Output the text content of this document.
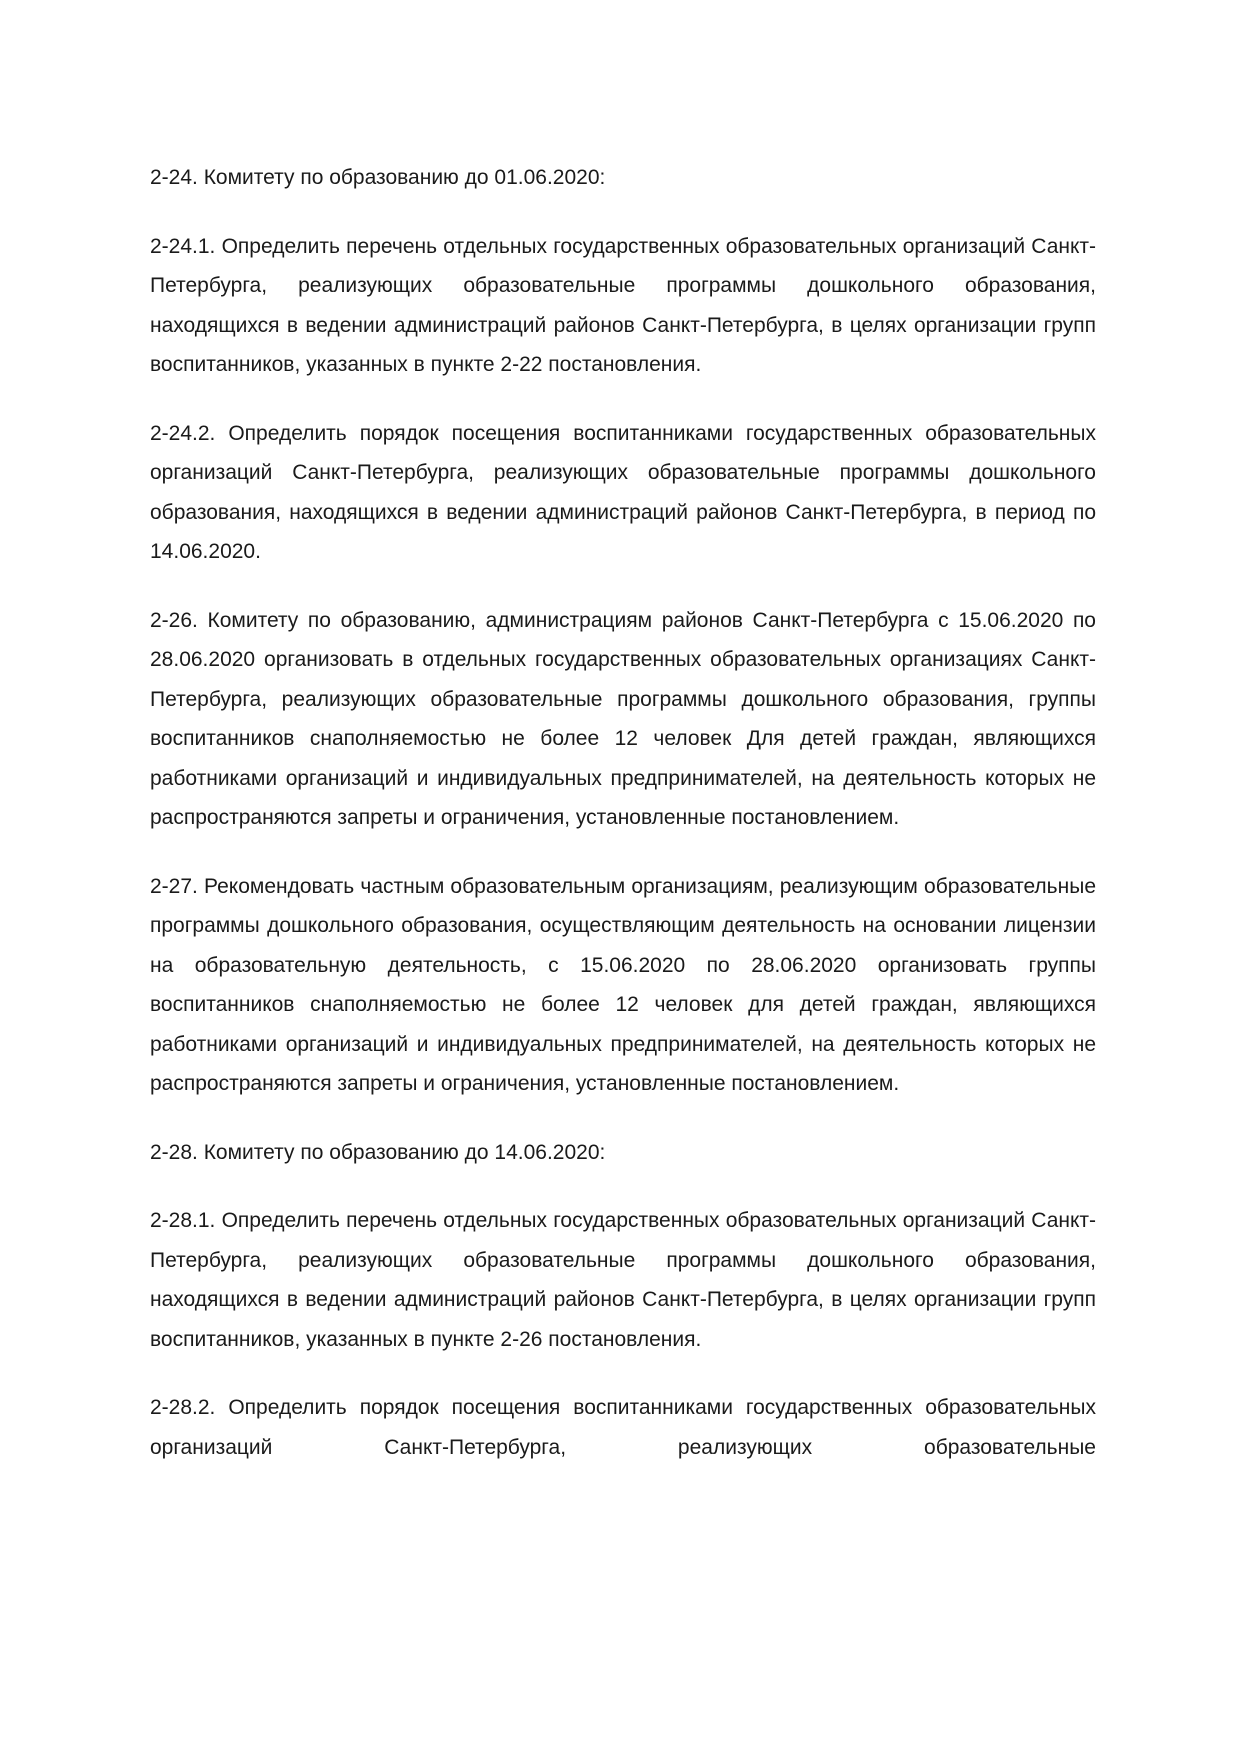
2-24. Комитету по образованию до 01.06.2020:

2-24.1. Определить перечень отдельных государственных образовательных организаций Санкт-Петербурга, реализующих образовательные программы дошкольного образования, находящихся в ведении администраций районов Санкт-Петербурга, в целях организации групп воспитанников, указанных в пункте 2-22 постановления.

2-24.2. Определить порядок посещения воспитанниками государственных образовательных организаций Санкт-Петербурга, реализующих образовательные программы дошкольного образования, находящихся в ведении администраций районов Санкт-Петербурга, в период по 14.06.2020.

2-26. Комитету по образованию, администрациям районов Санкт-Петербурга с 15.06.2020 по 28.06.2020 организовать в отдельных государственных образовательных организациях Санкт-Петербурга, реализующих образовательные программы дошкольного образования, группы воспитанников снаполняемостью не более 12 человек Для детей граждан, являющихся работниками организаций и индивидуальных предпринимателей, на деятельность которых не распространяются запреты и ограничения, установленные постановлением.

2-27. Рекомендовать частным образовательным организациям, реализующим образовательные программы дошкольного образования, осуществляющим деятельность на основании лицензии на образовательную деятельность, с 15.06.2020 по 28.06.2020 организовать группы воспитанников снаполняемостью не более 12 человек для детей граждан, являющихся работниками организаций и индивидуальных предпринимателей, на деятельность которых не распространяются запреты и ограничения, установленные постановлением.

2-28. Комитету по образованию до 14.06.2020:

2-28.1. Определить перечень отдельных государственных образовательных организаций Санкт-Петербурга, реализующих образовательные программы дошкольного образования, находящихся в ведении администраций районов Санкт-Петербурга, в целях организации групп воспитанников, указанных в пункте 2-26 постановления.

2-28.2. Определить порядок посещения воспитанниками государственных образовательных организаций Санкт-Петербурга, реализующих образовательные
